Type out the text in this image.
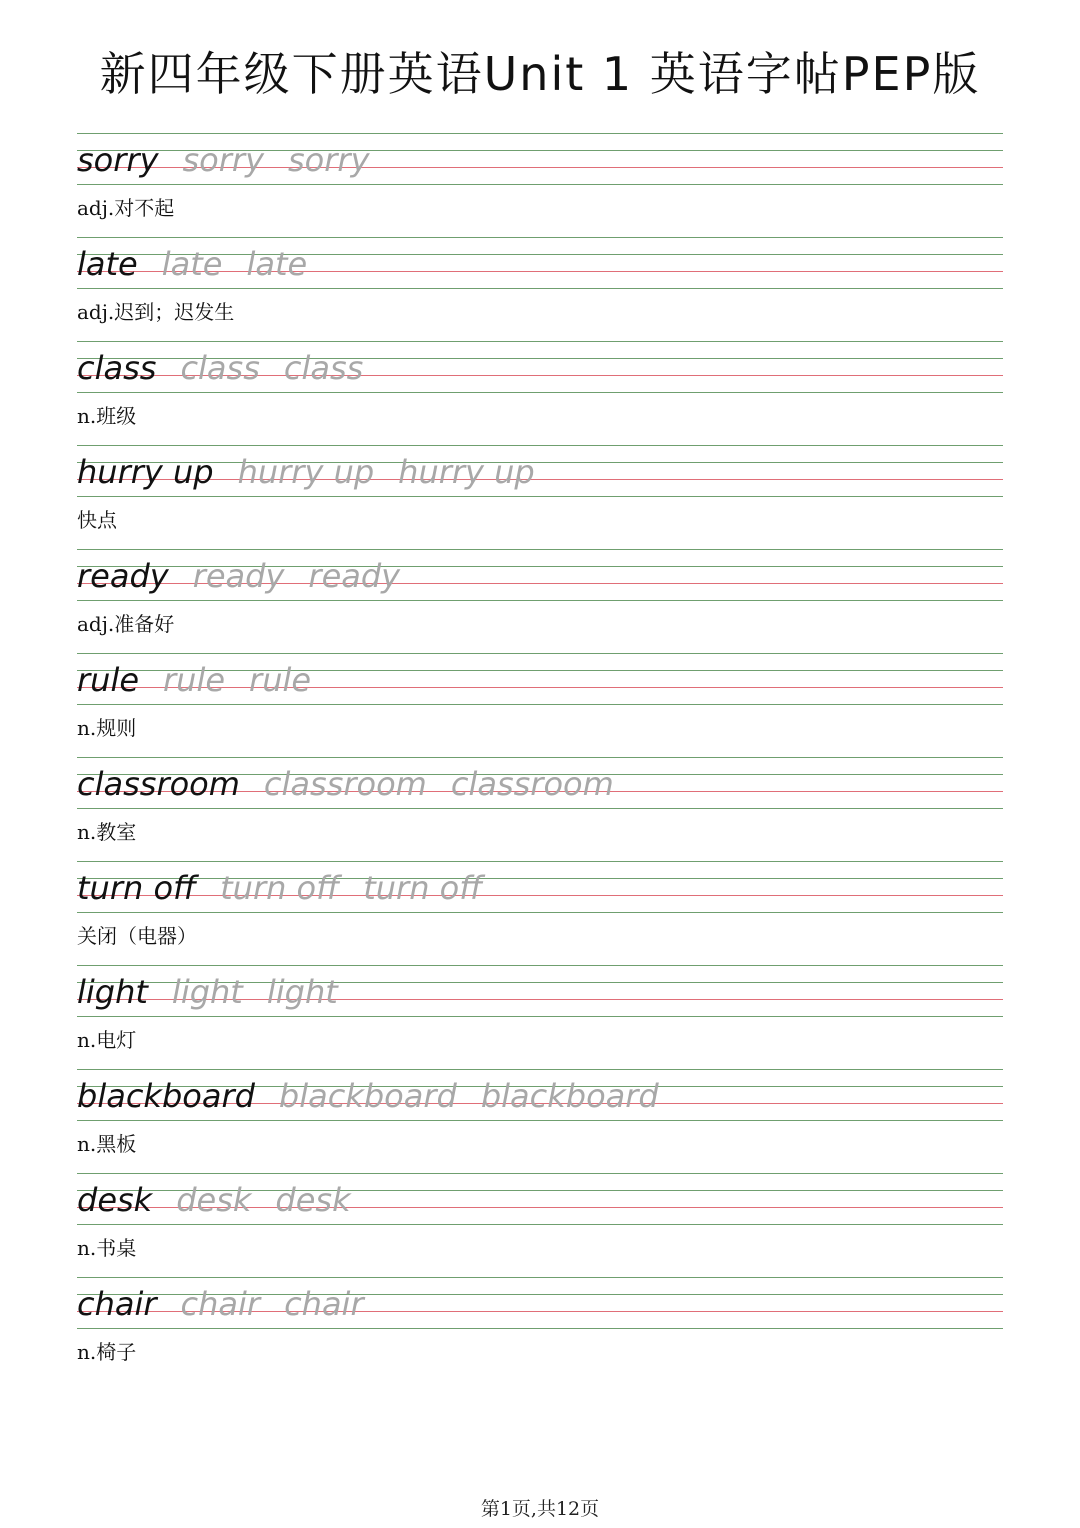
新四年级下册英语Unit 1 英语字帖PEP版
sorry sorry sorry
adj.对不起
late late late
adj.迟到；迟发生
class class class
n.班级
hurry up hurry up hurry up
快点
ready ready ready
adj.准备好
rule rule rule
n.规则
classroom classroom classroom
n.教室
turn off turn off turn off
关闭（电器）
light light light
n.电灯
blackboard blackboard blackboard
n.黑板
desk desk desk
n.书桌
chair chair chair
n.椅子
第1页,共12页
